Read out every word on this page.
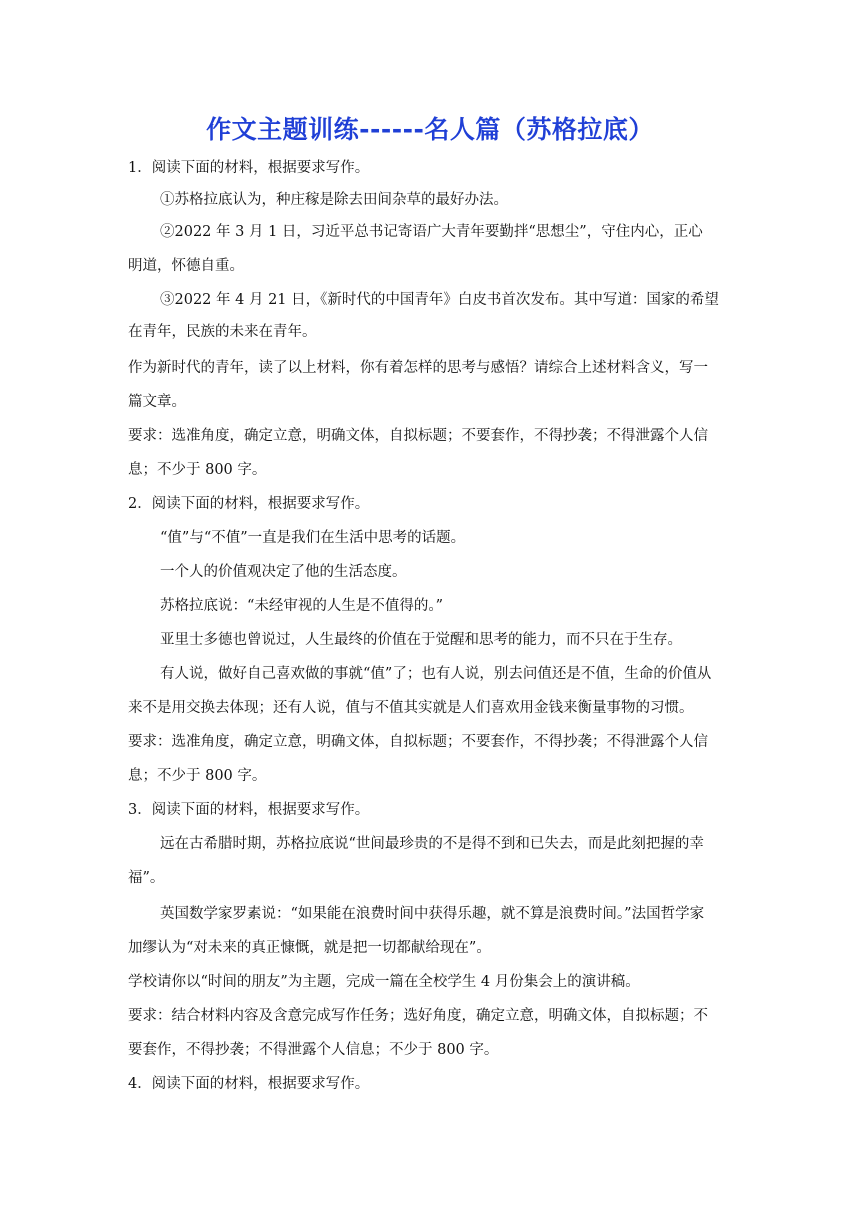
作文主题训练------名人篇（苏格拉底）
1．阅读下面的材料，根据要求写作。
①苏格拉底认为，种庄稼是除去田间杂草的最好办法。
②2022 年 3 月 1 日，习近平总书记寄语广大青年要勤拌“思想尘”，守住内心，正心
明道，怀德自重。
③2022 年 4 月 21 日，《新时代的中国青年》白皮书首次发布。其中写道：国家的希望
在青年，民族的未来在青年。
作为新时代的青年，读了以上材料，你有着怎样的思考与感悟？请综合上述材料含义，写一
篇文章。
要求：选准角度，确定立意，明确文体，自拟标题；不要套作，不得抄袭；不得泄露个人信
息；不少于 800 字。
2．阅读下面的材料，根据要求写作。
“值”与“不值”一直是我们在生活中思考的话题。
一个人的价值观决定了他的生活态度。
苏格拉底说：“未经审视的人生是不值得的。”
亚里士多德也曾说过，人生最终的价值在于觉醒和思考的能力，而不只在于生存。
有人说，做好自己喜欢做的事就“值”了；也有人说，别去问值还是不值，生命的价值从
来不是用交换去体现；还有人说，值与不值其实就是人们喜欢用金钱来衡量事物的习惯。
要求：选准角度，确定立意，明确文体，自拟标题；不要套作，不得抄袭；不得泄露个人信
息；不少于 800 字。
3．阅读下面的材料，根据要求写作。
远在古希腊时期，苏格拉底说“世间最珍贵的不是得不到和已失去，而是此刻把握的幸
福”。
英国数学家罗素说：“如果能在浪费时间中获得乐趣，就不算是浪费时间。”法国哲学家
加缪认为“对未来的真正慷慨，就是把一切都献给现在”。
学校请你以“时间的朋友”为主题，完成一篇在全校学生 4 月份集会上的演讲稿。
要求：结合材料内容及含意完成写作任务；选好角度，确定立意，明确文体，自拟标题；不
要套作，不得抄袭；不得泄露个人信息；不少于 800 字。
4．阅读下面的材料，根据要求写作。
